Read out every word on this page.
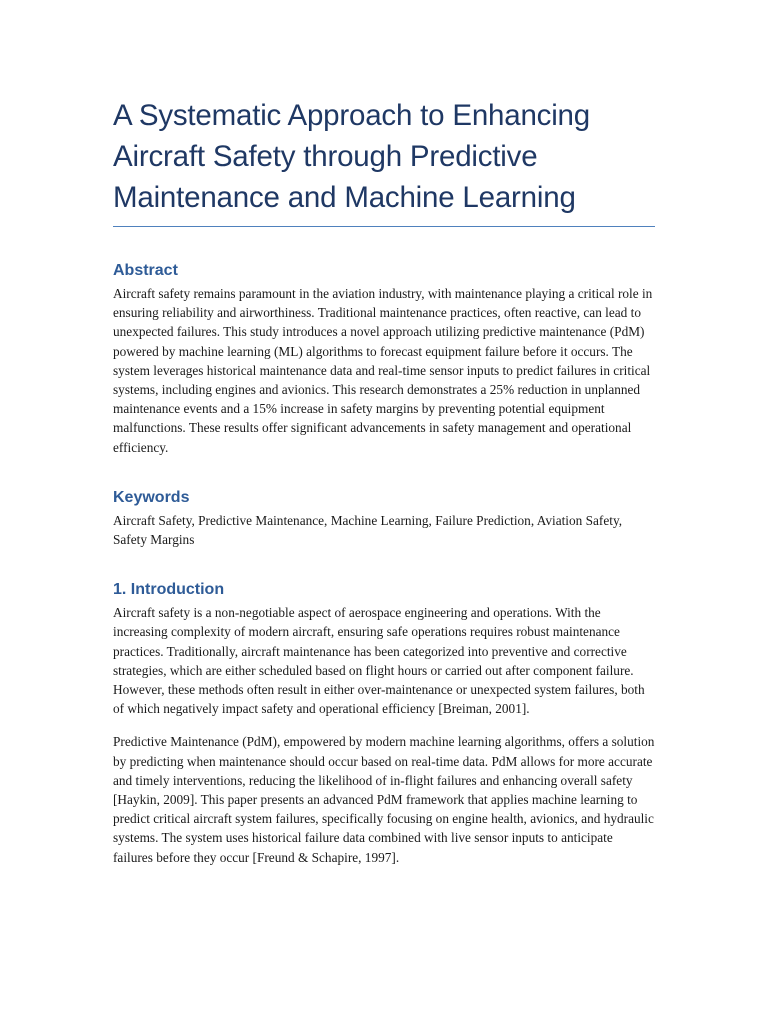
A Systematic Approach to Enhancing Aircraft Safety through Predictive Maintenance and Machine Learning
Abstract

Aircraft safety remains paramount in the aviation industry, with maintenance playing a critical role in ensuring reliability and airworthiness. Traditional maintenance practices, often reactive, can lead to unexpected failures. This study introduces a novel approach utilizing predictive maintenance (PdM) powered by machine learning (ML) algorithms to forecast equipment failure before it occurs. The system leverages historical maintenance data and real-time sensor inputs to predict failures in critical systems, including engines and avionics. This research demonstrates a 25% reduction in unplanned maintenance events and a 15% increase in safety margins by preventing potential equipment malfunctions. These results offer significant advancements in safety management and operational efficiency.

Keywords

Aircraft Safety, Predictive Maintenance, Machine Learning, Failure Prediction, Aviation Safety, Safety Margins

1. Introduction

Aircraft safety is a non-negotiable aspect of aerospace engineering and operations. With the increasing complexity of modern aircraft, ensuring safe operations requires robust maintenance practices. Traditionally, aircraft maintenance has been categorized into preventive and corrective strategies, which are either scheduled based on flight hours or carried out after component failure. However, these methods often result in either over-maintenance or unexpected system failures, both of which negatively impact safety and operational efficiency [Breiman, 2001].

Predictive Maintenance (PdM), empowered by modern machine learning algorithms, offers a solution by predicting when maintenance should occur based on real-time data. PdM allows for more accurate and timely interventions, reducing the likelihood of in-flight failures and enhancing overall safety [Haykin, 2009]. This paper presents an advanced PdM framework that applies machine learning to predict critical aircraft system failures, specifically focusing on engine health, avionics, and hydraulic systems. The system uses historical failure data combined with live sensor inputs to anticipate failures before they occur [Freund & Schapire, 1997].
